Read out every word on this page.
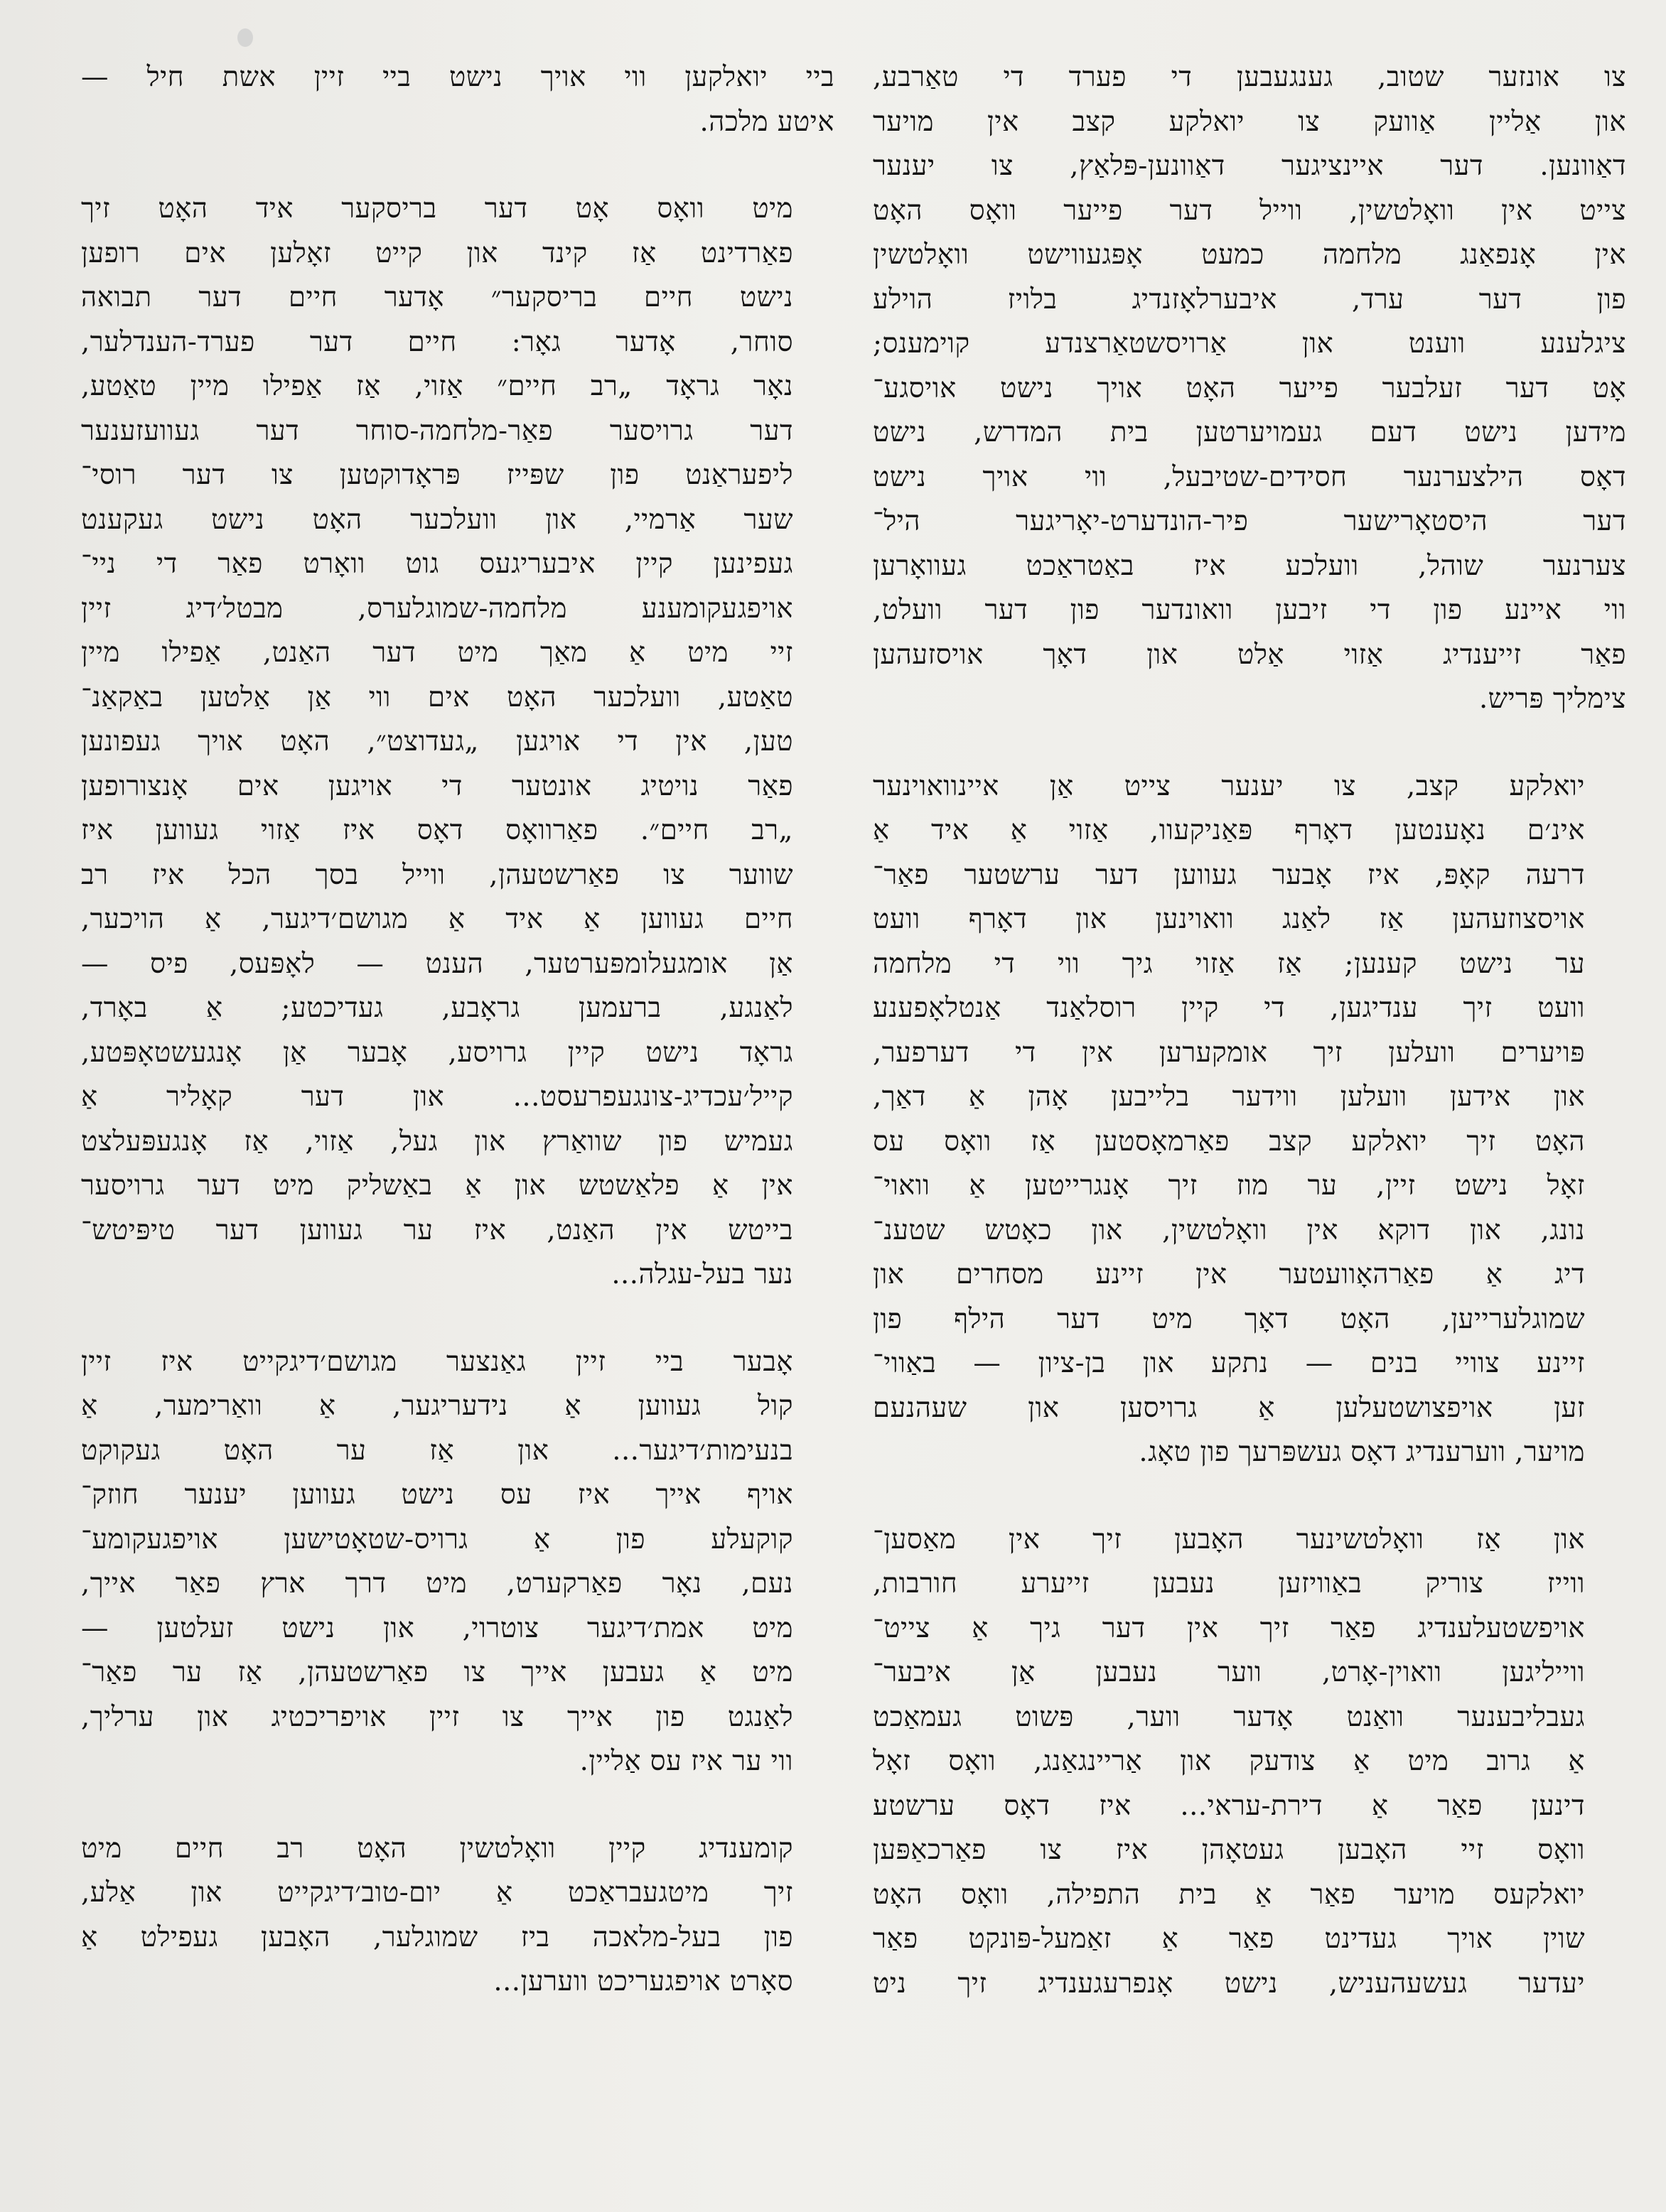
צו אונזער שטוב, גענגעבען די פערד די טאַרבע,
און אַליין אַוועק צו יואלקע קצב אין מויער
דאַוונען. דער איינציגער דאַוונען-פּלאַץ, צו יענער
צייט אין וואָלטשין, ווייל דער פייער וואָס האָט
אין אָנפאַנג מלחמה כמעט אָפּגעווישט וואָלטשין
פון דער ערד, איבערלאָזנדיג בלויז הוילע
ציגלענע ווענט און אַרויסשטאַרצנדע קוימענס;
אָט דער זעלבער פייער האָט אויך נישט אויסגע־
מידען נישט דעם געמויערטען בית המדרש, נישט
דאָס הילצערנער חסידים-שטיבעל, ווי אויך נישט
דער היסטאָרישער פיר-הונדערט-יאָריגער היל־
צערנער שוהל, וועלכע איז באַטראַכט געוואָרען
ווי איינע פון די זיבען וואונדער פון דער וועלט,
פאַר זייענדיג אַזוי אַלט און דאָך אויסזעהען
צימליך פּריש.

יואלקע קצב, צו יענער צייט אַן איינוואוינער
אינ׳ם נאָענטען דאָרף פּאַניקעוו, אַזוי אַ איד אַ
דרעה קאָפּ, איז אָבער געווען דער ערשטער פאַר־
אויסצוזעהען אַז לאַנג וואוינען און דאָרף וועט
ער נישט קענען; אַז אַזוי גיך ווי די מלחמה
וועט זיך ענדיגען, די קיין רוסלאַנד אַנטלאָפענע
פּויערים וועלען זיך אומקערען אין די דערפער,
און אידען וועלען ווידער בלייבען אָהן אַ דאַך,
האָט זיך יואלקע קצב פאַרמאָסטען אַז וואָס עס
זאָל נישט זיין, ער מוז זיך אָנגרייטען אַ וואוי־
נונג, און דוקא אין וואָלטשין, און כאָטש שטענ־
דיג אַ פאַרהאָוועטער אין זיינע מסחרים און
שמוגלערייען, האָט דאָך מיט דער הילף פון
זיינע צוויי בנים — נתקע און בן-ציון — באַווי־
זען אויפצושטעלען אַ גרויסען און שעהנעם
מויער, ווערענדיג דאָס געשפּרעך פון טאָג.

און אַז וואָלטשינער האָבען זיך אין מאַסען־
ווייז צוריק באַוויזען נעבען זייערע חורבות,
אויפשטעלענדיג פאַר זיך אין דער גיך אַ צייט־
ווייליגען וואוין-אָרט, ווער נעבען אַן איבער־
געבליבענער וואַנט אָדער ווער, פּשוט געמאַכט
אַ גרוב מיט אַ צודעק און אַריינגאַנג, וואָס זאָל
דינען פאַר אַ דירת-עראי... איז דאָס ערשטע
וואָס זיי האָבען געטאָהן איז צו פאַרכאַפּען
יואלקעס מויער פאַר אַ בית התפילה, וואָס האָט
שוין אויך געדינט פאַר אַ זאַמעל-פּונקט פאַר
יעדער געשעהעניש, נישט אָנפרעגענדיג זיך ניט

ביי יואלקען ווי אויך נישט ביי זיין אשת חיל —
איטע מלכה.

מיט וואָס אָט דער בריסקער איד האָט זיך
פאַרדינט אַז קינד און קייט זאָלען אים רופען
נישט חיים בריסקער״ אָדער חיים דער תבואה
סוחר, אָדער גאָר: חיים דער פערד-הענדלער,
נאָר גראָד „רב חיים״ אַזוי, אַז אַפילו מיין טאַטע,
דער גרויסער פאַר-מלחמה-סוחר דער געוועזענער
ליפעראַנט פון שפּייז פּראָדוקטען צו דער רוסי־
שער אַרמיי, און וועלכער האָט נישט געקענט
געפינען קיין איבעריגעס גוט וואָרט פאַר די ניי־
אויפגעקומענע מלחמה-שמוגלערס, מבטל׳דיג זיין
זיי מיט אַ מאַך מיט דער האַנט, אַפילו מיין
טאַטע, וועלכער האָט אים ווי אַן אַלטען באַקאַנ־
טען, אין די אויגען „געדוצט״, האָט אויך געפונען
פאַר נויטיג אונטער די אויגען אים אָנצורופען
„רב חיים״. פאַרוואָס דאָס איז אַזוי געווען איז
שווער צו פאַרשטעהן, ווייל בסך הכל איז רב
חיים געווען אַ איד אַ מגושם׳דיגער, אַ הויכער,
אַן אומגעלומפּערטער, הענט — לאָפּעס, פיס —
לאַנגע, ברעמען גראָבע, געדיכטע; אַ באָרד,
גראָד נישט קיין גרויסע, אָבער אַן אָנגעשטאָפּטע,
קייל׳עכדיג-צונגעפרעסט... און דער קאָליר אַ
געמיש פון שוואַרץ און געל, אַזוי, אַז אָנגעפּעלצט
אין אַ פלאַשטש און אַ באַשליק מיט דער גרויסער
בייטש אין האַנט, איז ער געווען דער טיפּיטש־
נער בעל-עגלה...

אָבער ביי זיין גאַנצער מגושם׳דיגקייט איז זיין
קול געווען אַ נידעריגער, אַ וואַרימער, אַ
בנעימות׳דיגער... און אַז ער האָט געקוקט
אויף אייך איז עס נישט געווען יענער חוזק־
קוקעלע פון אַ גרויס-שטאָטישען אויפגעקומע־
נעם, נאָר פאַרקערט, מיט דרך ארץ פאַר אייך,
מיט אמת׳דיגער צוטרוי, און נישט זעלטען —
מיט אַ געבען אייך צו פאַרשטעהן, אַז ער פאַר־
לאַנגט פון אייך צו זיין אויפריכטיג און ערליך,
ווי ער איז עס אַליין.

קומענדיג קיין וואָלטשין האָט רב חיים מיט
זיך מיטגעבראַכט אַ יום-טוב׳דיגקייט און אַלע,
פון בעל-מלאכה ביז שמוגלער, האָבען געפילט אַ
סאָרט אויפגעריכט ווערען...
